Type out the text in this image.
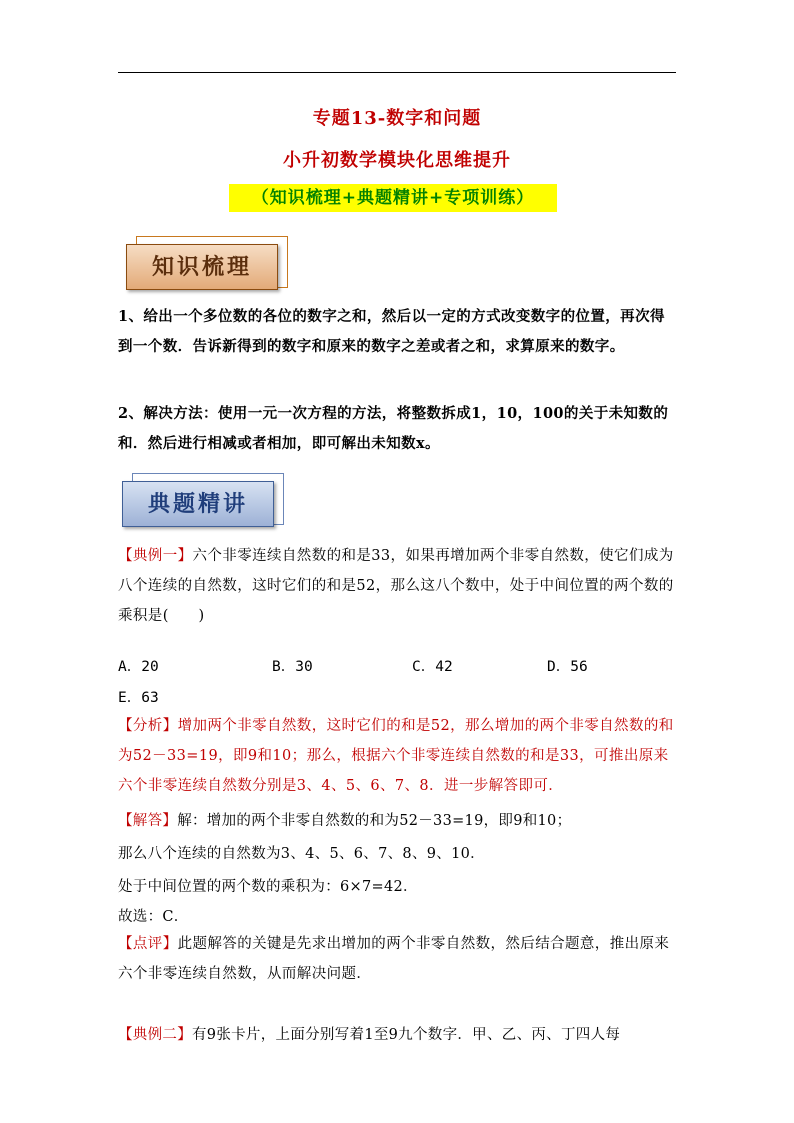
专题13-数字和问题
小升初数学模块化思维提升
（知识梳理+典题精讲+专项训练）
知识梳理
1、给出一个多位数的各位的数字之和，然后以一定的方式改变数字的位置，再次得到一个数．告诉新得到的数字和原来的数字之差或者之和，求算原来的数字。
2、解决方法：使用一元一次方程的方法，将整数拆成1，10，100的关于未知数的和．然后进行相减或者相加，即可解出未知数x。
典题精讲
【典例一】六个非零连续自然数的和是33，如果再增加两个非零自然数，使它们成为八个连续的自然数，这时它们的和是52，那么这八个数中，处于中间位置的两个数的乘积是(　　)
A．20	B．30	C．42	D．56
E．63
【分析】增加两个非零自然数，这时它们的和是52，那么增加的两个非零自然数的和为52－33=19，即9和10；那么，根据六个非零连续自然数的和是33，可推出原来六个非零连续自然数分别是3、4、5、6、7、8．进一步解答即可．
【解答】解：增加的两个非零自然数的和为52－33=19，即9和10；
那么八个连续的自然数为3、4、5、6、7、8、9、10．
处于中间位置的两个数的乘积为：6×7=42．
故选：C．
【点评】此题解答的关键是先求出增加的两个非零自然数，然后结合题意，推出原来六个非零连续自然数，从而解决问题．
【典例二】有9张卡片，上面分别写着1至9九个数字．甲、乙、丙、丁四人每
